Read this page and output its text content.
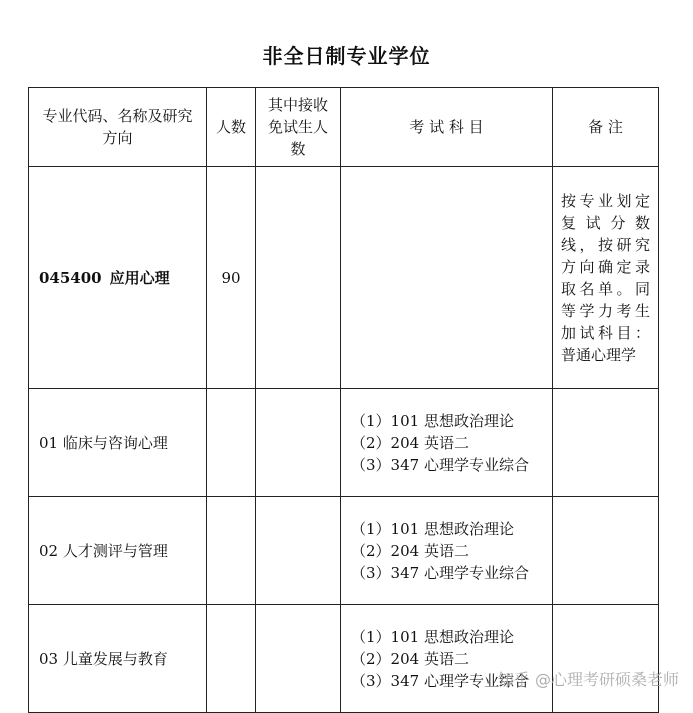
非全日制专业学位
专业代码、名称及研究方向	人数	其中接收免试生人数	考 试 科 目	备 注
045400 应用心理	90			按专业划定复试分数线，按研究方向确定录取名单。同等学力考生加试科目：普通心理学
01 临床与咨询心理			（1）101 思想政治理论
（2）204 英语二
（3）347 心理学专业综合	

02 人才测评与管理			（1）101 思想政治理论
（2）204 英语二
（3）347 心理学专业综合	

03 儿童发展与教育			（1）101 思想政治理论
（2）204 英语二
（3）347 心理学专业综合	

知乎 @心理考研硕桑老师
